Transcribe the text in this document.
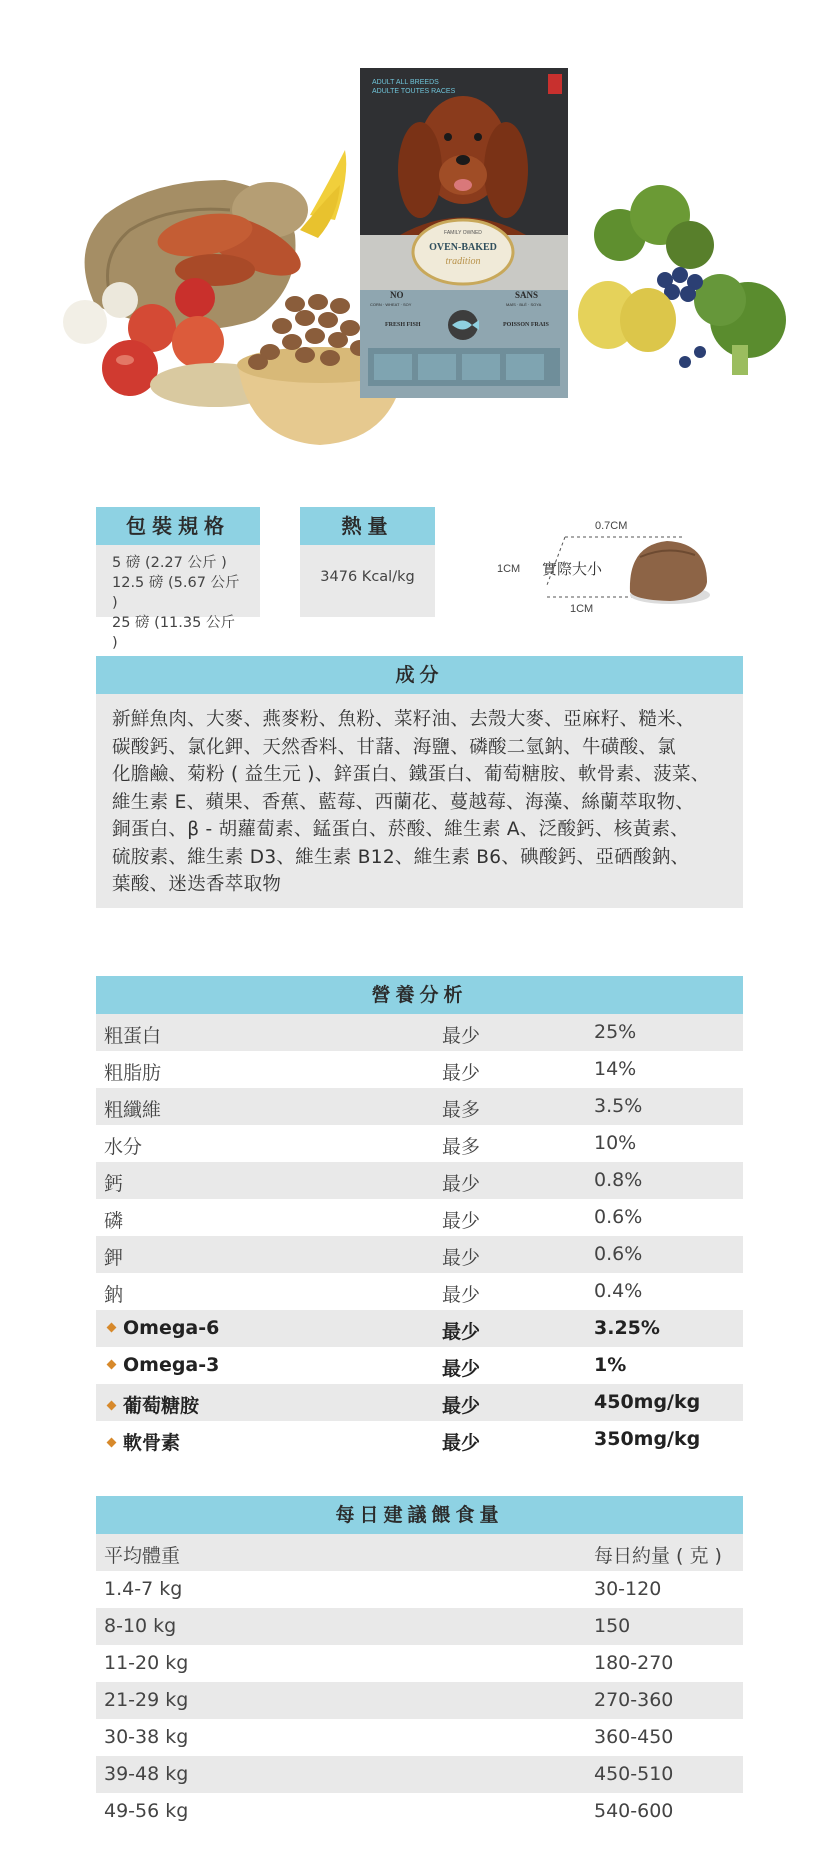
ADULT ALL BREEDS
ADULTE TOUTES RACES
FAMILY OWNED
OVEN-BAKED
tradition
NO
CORN · WHEAT · SOY
SANS
MAÏS · BLÉ · SOYA
FRESH FISH	POISSON FRAIS
包裝規格
5 磅 (2.27 公斤 )
12.5 磅 (5.67 公斤 )
25 磅 (11.35 公斤 )
熱量
3476 Kcal/kg
0.7CM
1CM
1CM
實際大小
成分
新鮮魚肉、大麥、燕麥粉、魚粉、菜籽油、去殼大麥、亞麻籽、糙米、
碳酸鈣、氯化鉀、天然香料、甘藷、海鹽、磷酸二氫鈉、牛磺酸、氯
化膽鹼、菊粉 ( 益生元 )、鋅蛋白、鐵蛋白、葡萄糖胺、軟骨素、菠菜、
維生素 E、蘋果、香蕉、藍莓、西蘭花、蔓越莓、海藻、絲蘭萃取物、
銅蛋白、β - 胡蘿蔔素、錳蛋白、菸酸、維生素 A、泛酸鈣、核黃素、
硫胺素、維生素 D3、維生素 B12、維生素 B6、碘酸鈣、亞硒酸鈉、
葉酸、迷迭香萃取物
營養分析
粗蛋白	最少	25%
粗脂肪	最少	14%
粗纖維	最多	3.5%
水分	最多	10%
鈣	最少	0.8%
磷	最少	0.6%
鉀	最少	0.6%
鈉	最少	0.4%
Omega-6	最少	3.25%
Omega-3	最少	1%
葡萄糖胺	最少	450mg/kg
軟骨素	最少	350mg/kg
每日建議餵食量
平均體重	每日約量 ( 克 )
1.4-7 kg	30-120
8-10 kg	150
11-20 kg	180-270
21-29 kg	270-360
30-38 kg	360-450
39-48 kg	450-510
49-56 kg	540-600
